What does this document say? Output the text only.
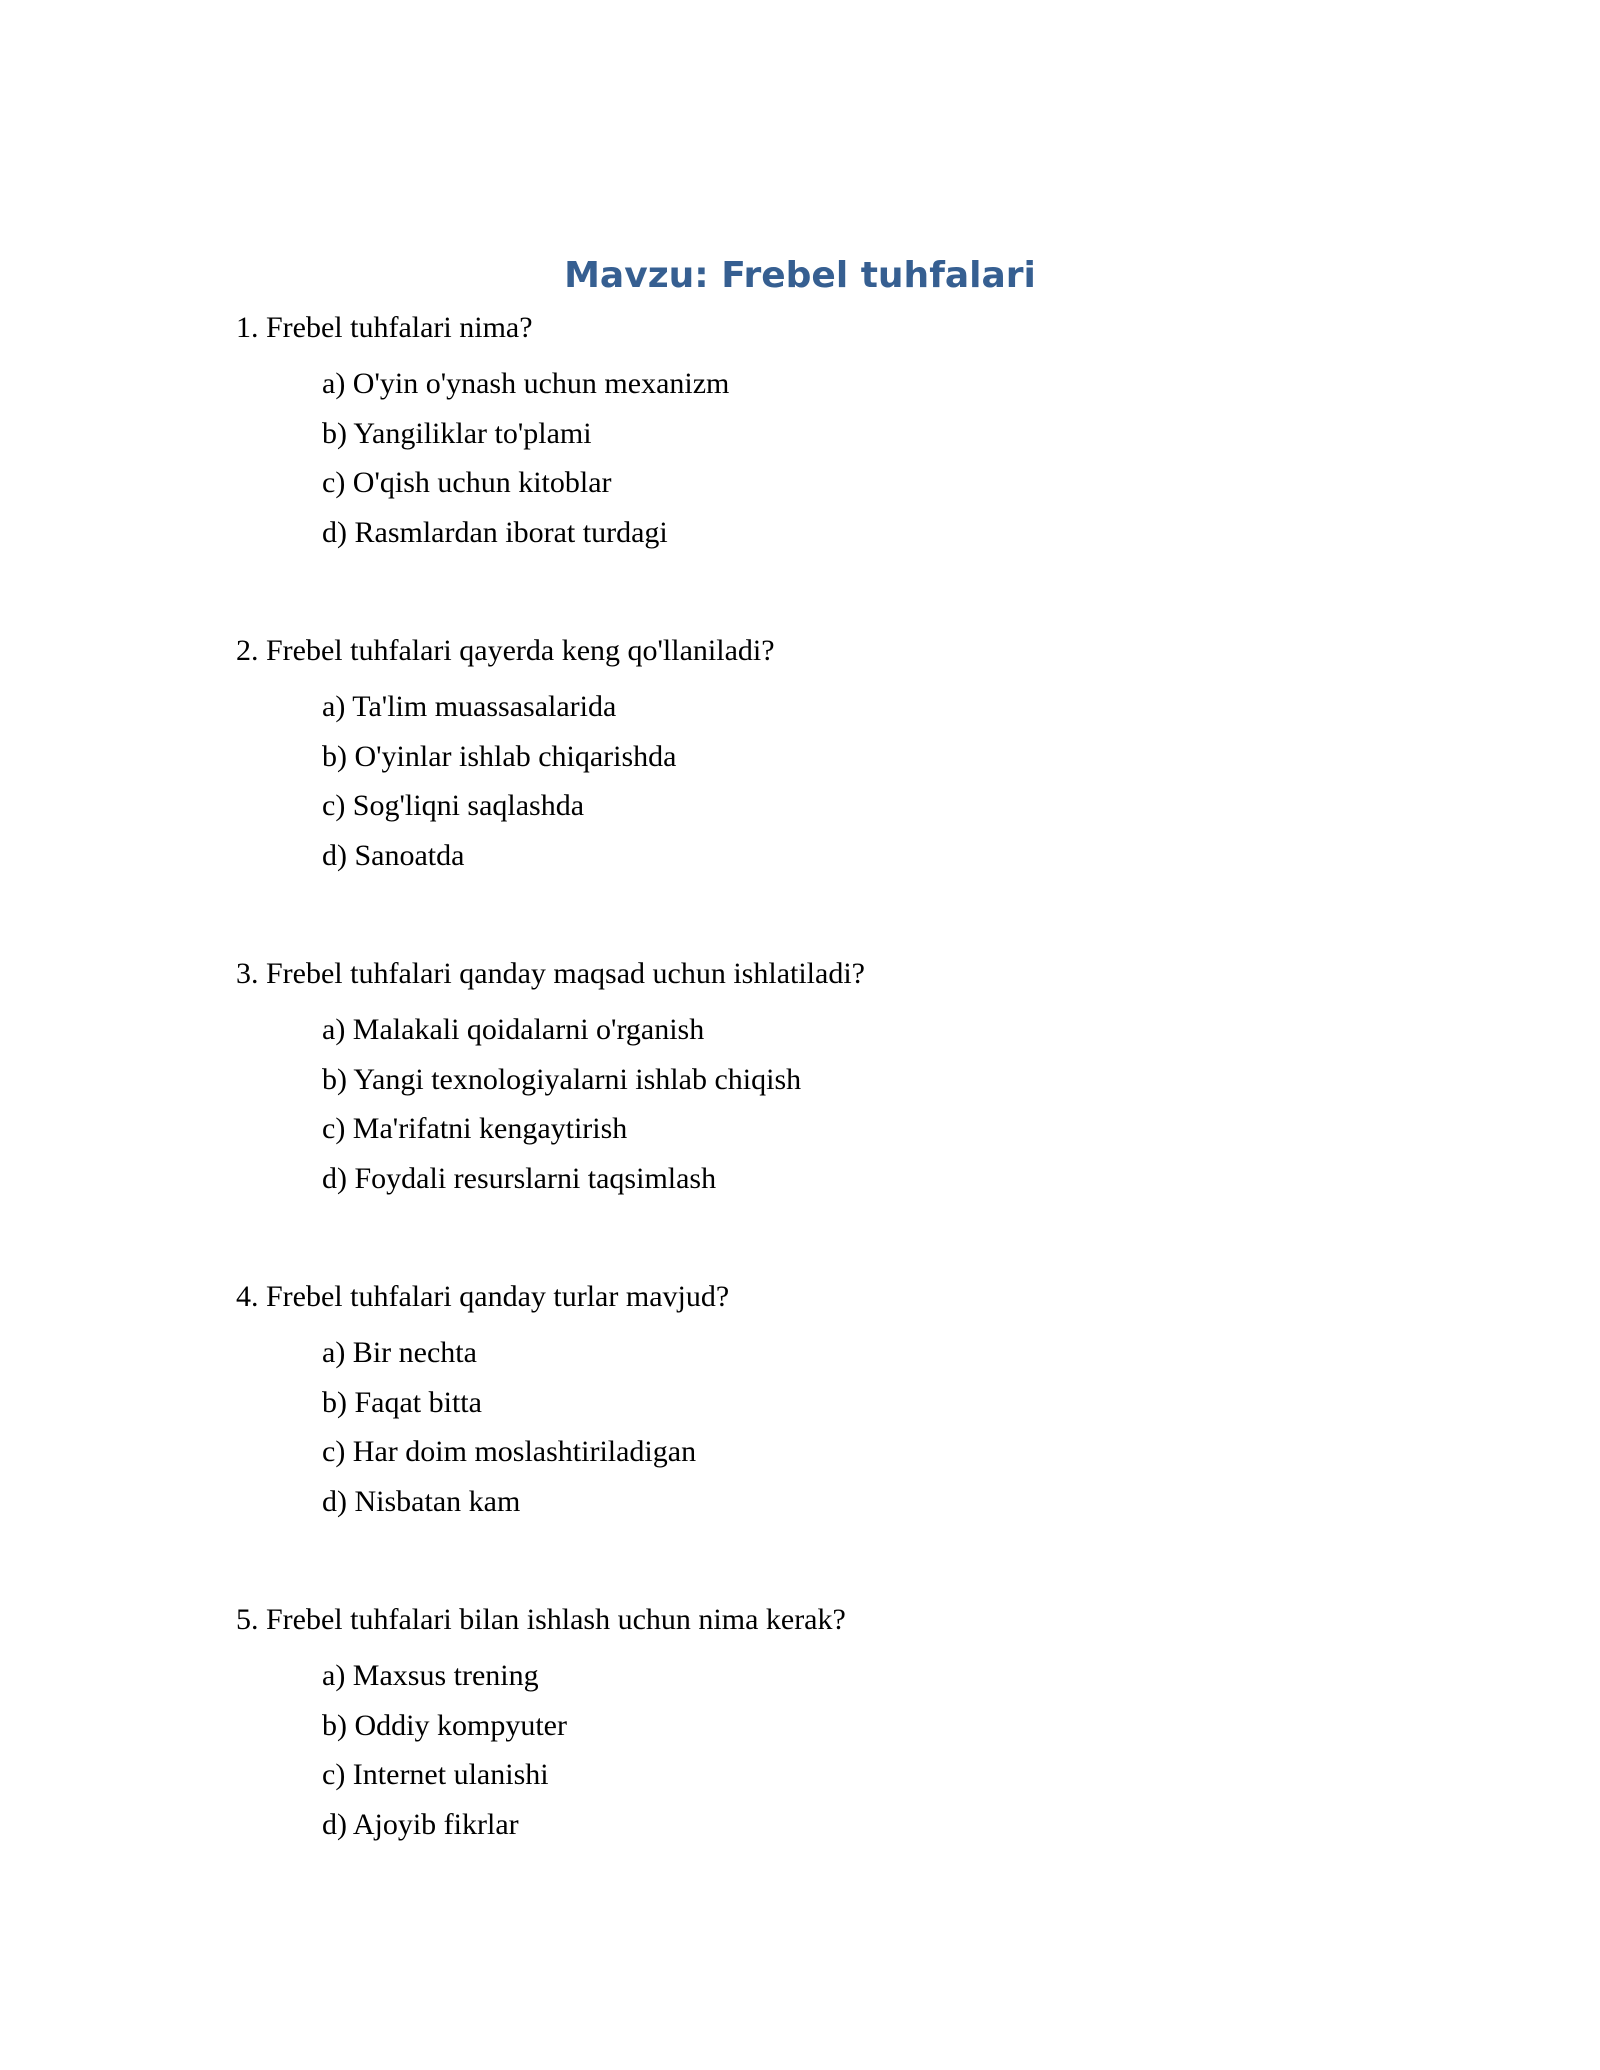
Mavzu: Frebel tuhfalari
1. Frebel tuhfalari nima?
a) O'yin o'ynash uchun mexanizm
b) Yangiliklar to'plami
c) O'qish uchun kitoblar
d) Rasmlardan iborat turdagi
2. Frebel tuhfalari qayerda keng qo'llaniladi?
a) Ta'lim muassasalarida
b) O'yinlar ishlab chiqarishda
c) Sog'liqni saqlashda
d) Sanoatda
3. Frebel tuhfalari qanday maqsad uchun ishlatiladi?
a) Malakali qoidalarni o'rganish
b) Yangi texnologiyalarni ishlab chiqish
c) Ma'rifatni kengaytirish
d) Foydali resurslarni taqsimlash
4. Frebel tuhfalari qanday turlar mavjud?
a) Bir nechta
b) Faqat bitta
c) Har doim moslashtiriladigan
d) Nisbatan kam
5. Frebel tuhfalari bilan ishlash uchun nima kerak?
a) Maxsus trening
b) Oddiy kompyuter
c) Internet ulanishi
d) Ajoyib fikrlar
